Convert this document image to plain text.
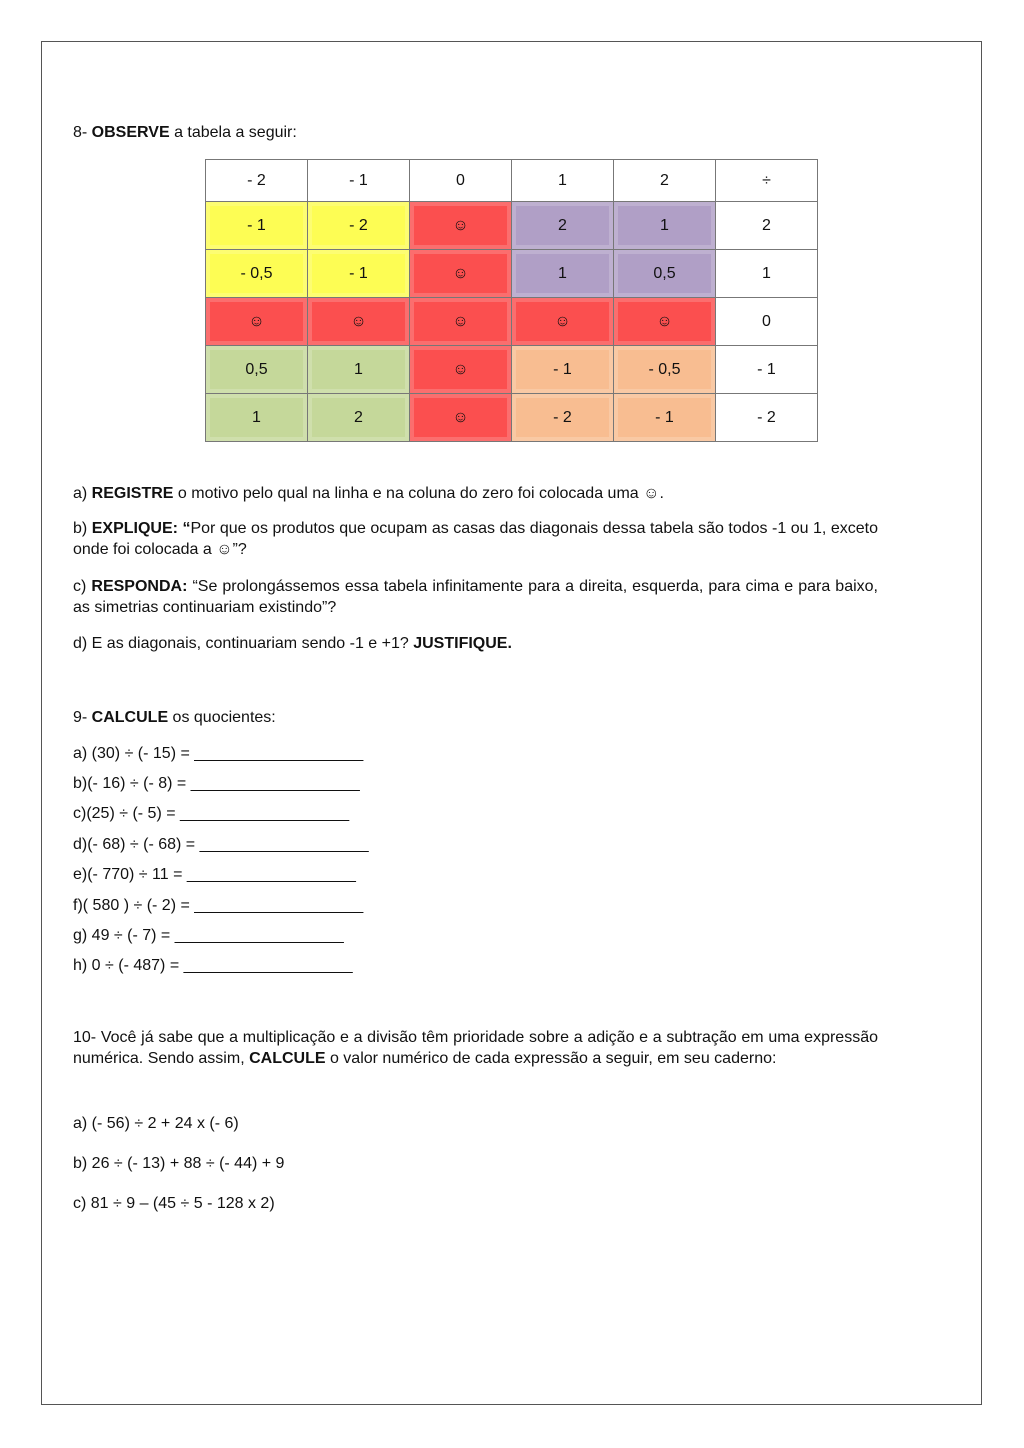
8- OBSERVE a tabela a seguir:

- 2	- 1	0	1	2	÷
- 1	- 2	☺	2	1	2
- 0,5	- 1	☺	1	0,5	1
☺	☺	☺	☺	☺	0
0,5	1	☺	- 1	- 0,5	- 1
1	2	☺	- 2	- 1	- 2

a) REGISTRE o motivo pelo qual na linha e na coluna do zero foi colocada uma ☺.

b) EXPLIQUE: “Por que os produtos que ocupam as casas das diagonais dessa tabela são todos -1 ou 1, exceto onde foi colocada a ☺”?

c) RESPONDA: “Se prolongássemos essa tabela infinitamente para a direita, esquerda, para cima e para baixo, as simetrias continuariam existindo”?

d) E as diagonais, continuariam sendo -1 e +1? JUSTIFIQUE.

9- CALCULE os quocientes:

a) (30) ÷ (- 15) = ___________________

b)(- 16) ÷ (- 8) = ___________________

c)(25) ÷ (- 5) = ___________________

d)(- 68) ÷ (- 68) = ___________________

e)(- 770) ÷ 11 = ___________________

f)( 580 ) ÷ (- 2) = ___________________

g) 49 ÷ (- 7) = ___________________

h) 0 ÷ (- 487) = ___________________

10- Você já sabe que a multiplicação e a divisão têm prioridade sobre a adição e a subtração em uma expressão numérica. Sendo assim, CALCULE o valor numérico de cada expressão a seguir, em seu caderno:

a) (- 56) ÷ 2 + 24 x (- 6)

b) 26 ÷ (- 13) + 88 ÷ (- 44) + 9

c) 81 ÷ 9 – (45 ÷ 5 - 128 x 2)
